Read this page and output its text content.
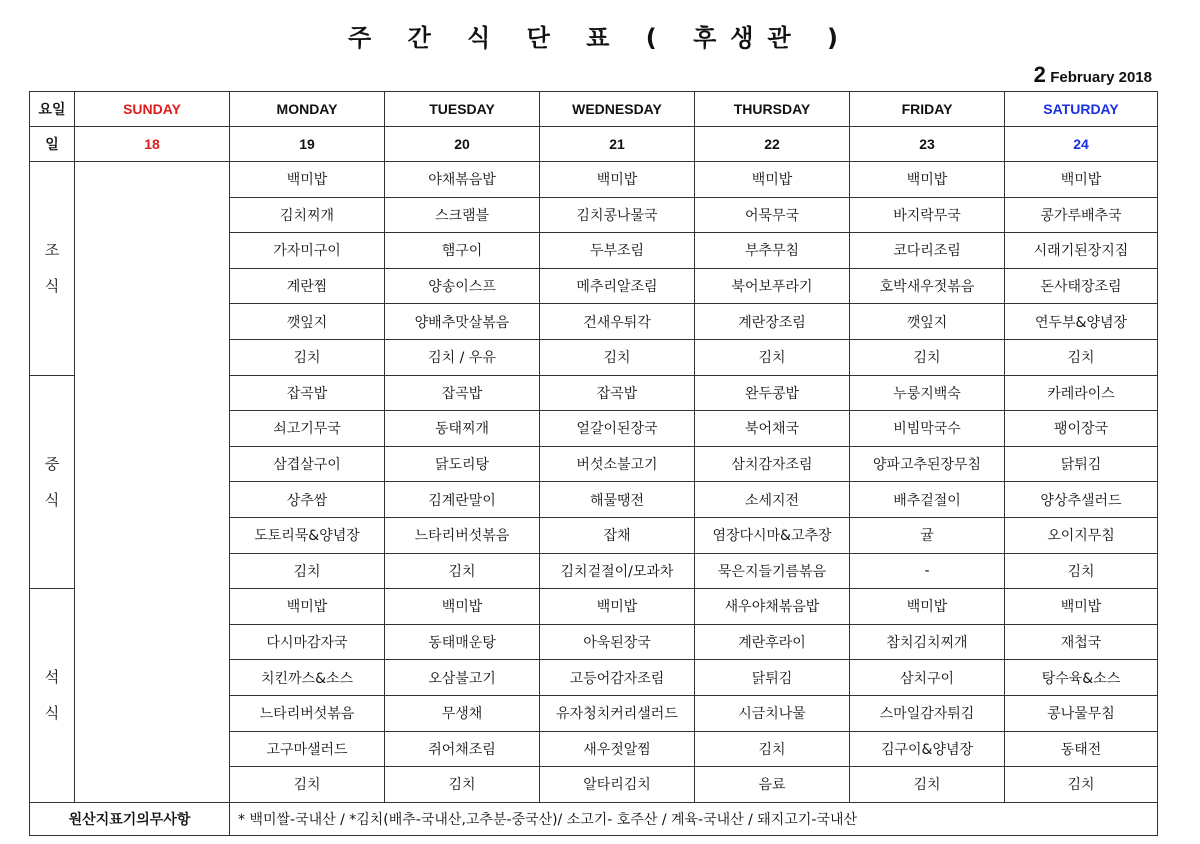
주 간 식 단 표 ( 후생관 )
2 February 2018
요일	SUNDAY	MONDAY	TUESDAY	WEDNESDAY	THURSDAY	FRIDAY	SATURDAY
일	18	19	20	21	22	23	24

조
식		백미밥	야채볶음밥	백미밥	백미밥	백미밥	백미밥
		김치찌개	스크램블	김치콩나물국	어묵무국	바지락무국	콩가루배추국
		가자미구이	햄구이	두부조림	부추무침	코다리조림	시래기된장지짐
		계란찜	양송이스프	메추리알조림	북어보푸라기	호박새우젓볶음	돈사태장조림
		깻잎지	양배추맛살볶음	건새우튀각	계란장조림	깻잎지	연두부&양념장
		김치	김치 / 우유	김치	김치	김치	김치

중
식		잡곡밥	잡곡밥	잡곡밥	완두콩밥	누룽지백숙	카레라이스
		쇠고기무국	동태찌개	얼갈이된장국	북어채국	비빔막국수	팽이장국
		삼겹살구이	닭도리탕	버섯소불고기	삼치감자조림	양파고추된장무침	닭튀김
		상추쌈	김계란말이	해물땡전	소세지전	배추겉절이	양상추샐러드
		도토리묵&양념장	느타리버섯볶음	잡채	염장다시마&고추장	귤	오이지무침
		김치	김치	김치겉절이/모과차	묵은지들기름볶음	-	김치

석
식		백미밥	백미밥	백미밥	새우야채볶음밥	백미밥	백미밥
		다시마감자국	동태매운탕	아욱된장국	계란후라이	참치김치찌개	재첩국
		치킨까스&소스	오삼불고기	고등어감자조림	닭튀김	삼치구이	탕수육&소스
		느타리버섯볶음	무생채	유자청치커리샐러드	시금치나물	스마일감자튀김	콩나물무침
		고구마샐러드	쥐어채조림	새우젓알찜	김치	김구이&양념장	동태전
		김치	김치	알타리김치	음료	김치	김치
원산지표기의무사항		* 백미쌀-국내산 / *김치(배추-국내산,고추분-중국산)/ 소고기- 호주산 / 계육-국내산 / 돼지고기-국내산					
